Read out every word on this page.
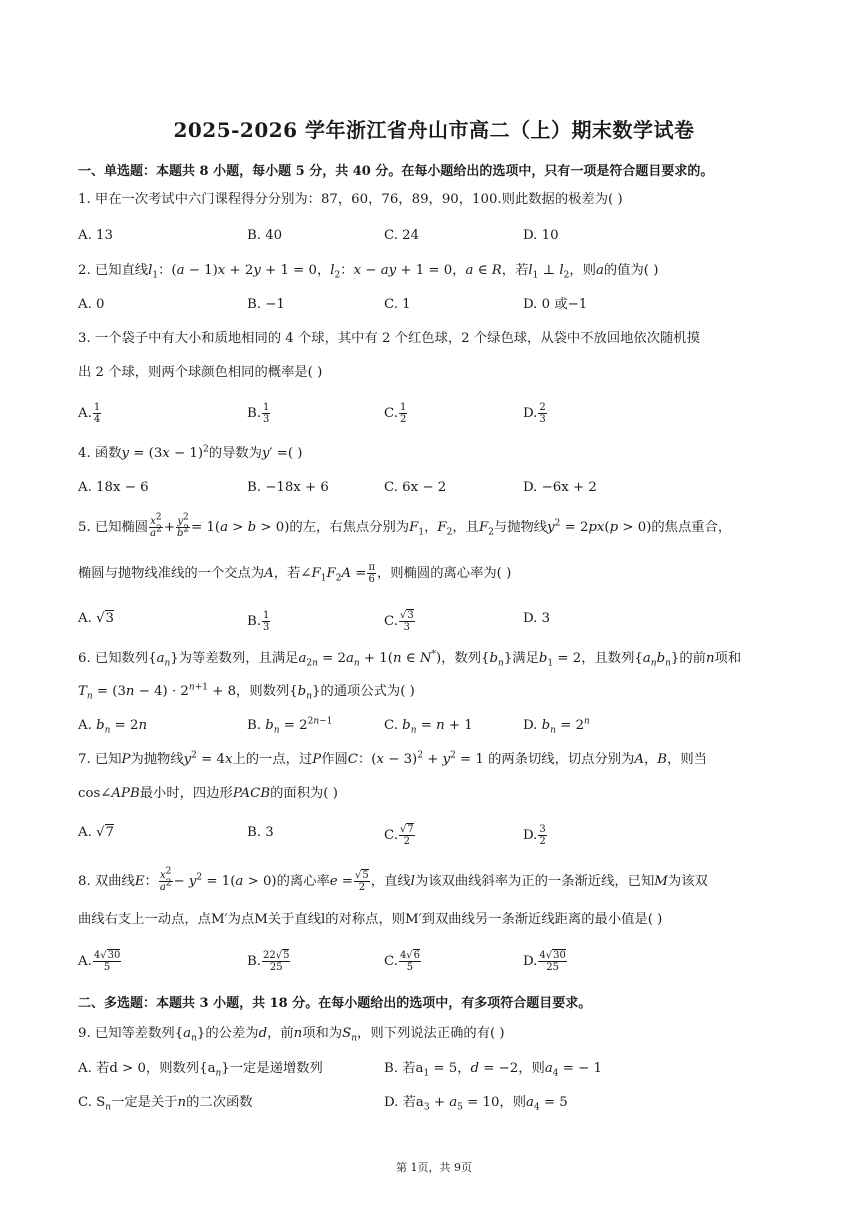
2025-2026 学年浙江省舟山市高二（上）期末数学试卷
一、单选题：本题共 8 小题，每小题 5 分，共 40 分。在每小题给出的选项中，只有一项是符合题目要求的。
1. 甲在一次考试中六门课程得分分别为：87，60，76，89，90，100.则此数据的极差为( )
A. 13	B. 40	C. 24	D. 10
2. 已知直线$l_1$：(a − 1)x + 2y + 1 = 0，$l_2$：x − ay + 1 = 0，a ∈ R，若$l_1$ ⊥ $l_2$，则a的值为( )
A. 0	B. −1	C. 1	D. 0 或−1
3. 一个袋子中有大小和质地相同的 4 个球，其中有 2 个红色球，2 个绿色球，从袋中不放回地依次随机摸
出 2 个球，则两个球颜色相同的概率是( )
A. $\frac{1}{4}$	B. $\frac{1}{3}$	C. $\frac{1}{2}$	D. $\frac{2}{3}$
4. 函数$y = (3x - 1)^2$的导数为y′ =( )
A. 18x − 6	B. −18x + 6	C. 6x − 2	D. −6x + 2
5. 已知椭圆 $\frac{x^2}{a^2} + \frac{y^2}{b^2} = 1(a > b > 0)$的左，右焦点分别为$F_1$，$F_2$，且$F_2$与抛物线$y^2 = 2px(p > 0)$的焦点重合，
椭圆与抛物线准线的一个交点为A，若$\angle F_1F_2A = \frac{\pi}{6}$ ，则椭圆的离心率为( )
A. √3	B. $\frac{1}{3}$	C. $\frac{√3}{3}$	D. 3
6. 已知数列$\{a_n\}$为等差数列，且满足$a_{2n} = 2a_n + 1(n$ ∈ N*)，数列$\{b_n\}$满足$b_1 = 2$，且数列$\{a_nb_n\}$的前n项和
$T_n = (3n - 4) \cdot 2^{n+1} + 8$，则数列$\{b_n\}$的通项公式为( )
A. $b_n = 2n$	B. $b_n = 2^{2n-1}$	C. $b_n = n + 1$	D. $b_n = 2^n$
7. 已知P为抛物线$y^2 = 4x$上的一点，过P作圆C：$(x - 3)^2 + y^2 = 1$ 的两条切线，切点分别为A，B，则当
cos∠APB最小时，四边形PACB的面积为( )
A. √7	B. 3	C. $\frac{√7}{2}$	D. $\frac{3}{2}$
8. 双曲线E： $\frac{x^2}{a^2} - y^2 = 1(a > 0)$的离心率$e = \frac{√5}{2}$ ，直线l为该双曲线斜率为正的一条渐近线，已知M为该双
曲线右支上一动点，点M′为点M关于直线l的对称点，则M′到双曲线另一条渐近线距离的最小值是( )
A. $\frac{4√30}{5}$	B. $\frac{22√5}{25}$	C. $\frac{4√6}{5}$	D. $\frac{4√30}{25}$
二、多选题：本题共 3 小题，共 18 分。在每小题给出的选项中，有多项符合题目要求。
9. 已知等差数列$\{a_n\}$的公差为d，前n项和为$S_n$，则下列说法正确的有( )
A. 若d > 0，则数列$\{a_n\}$一定是递增数列	B. 若$a_1 = 5$，d = −2，则$a_4$ = − 1
C. $S_n$一定是关于n的二次函数	D. 若$a_3 + a_5 = 10$，则$a_4 = 5$
第 1页，共 9页
